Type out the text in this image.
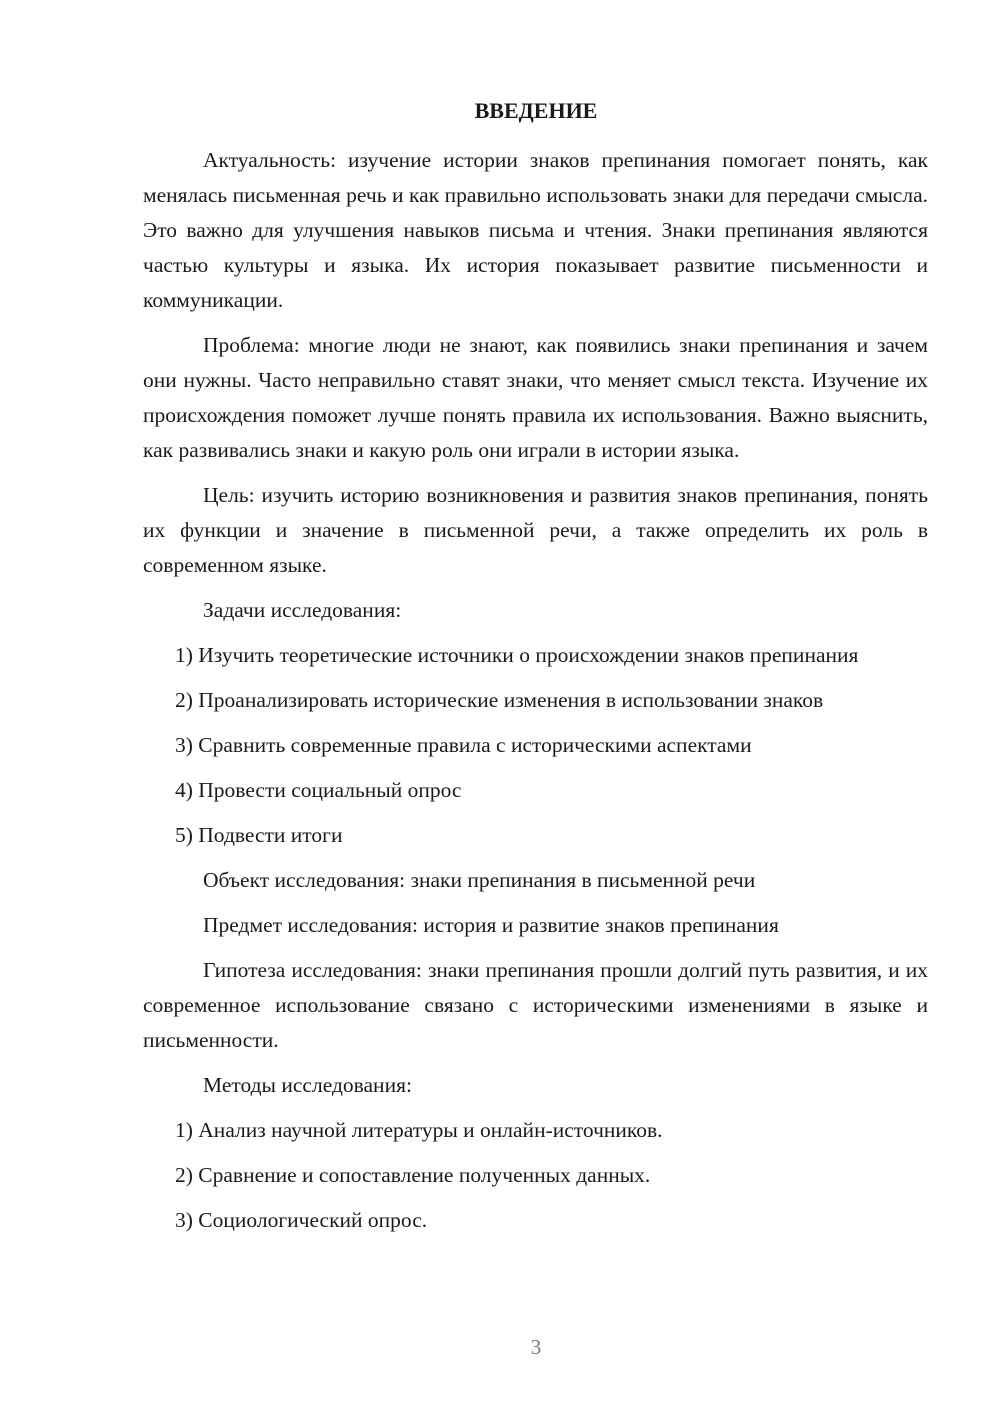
ВВЕДЕНИЕ

Актуальность: изучение истории знаков препинания помогает понять, как менялась письменная речь и как правильно использовать знаки для передачи смысла. Это важно для улучшения навыков письма и чтения. Знаки препинания являются частью культуры и языка. Их история показывает развитие письменности и коммуникации.

Проблема: многие люди не знают, как появились знаки препинания и зачем они нужны. Часто неправильно ставят знаки, что меняет смысл текста. Изучение их происхождения поможет лучше понять правила их использования. Важно выяснить, как развивались знаки и какую роль они играли в истории языка.

Цель: изучить историю возникновения и развития знаков препинания, понять их функции и значение в письменной речи, а также определить их роль в современном языке.

Задачи исследования:

1) Изучить теоретические источники о происхождении знаков препинания

2) Проанализировать исторические изменения в использовании знаков

3) Сравнить современные правила с историческими аспектами

4) Провести социальный опрос

5) Подвести итоги

Объект исследования: знаки препинания в письменной речи

Предмет исследования: история и развитие знаков препинания

Гипотеза исследования: знаки препинания прошли долгий путь развития, и их современное использование связано с историческими изменениями в языке и письменности.

Методы исследования:

1) Анализ научной литературы и онлайн-источников.

2) Сравнение и сопоставление полученных данных.

3) Социологический опрос.

3
